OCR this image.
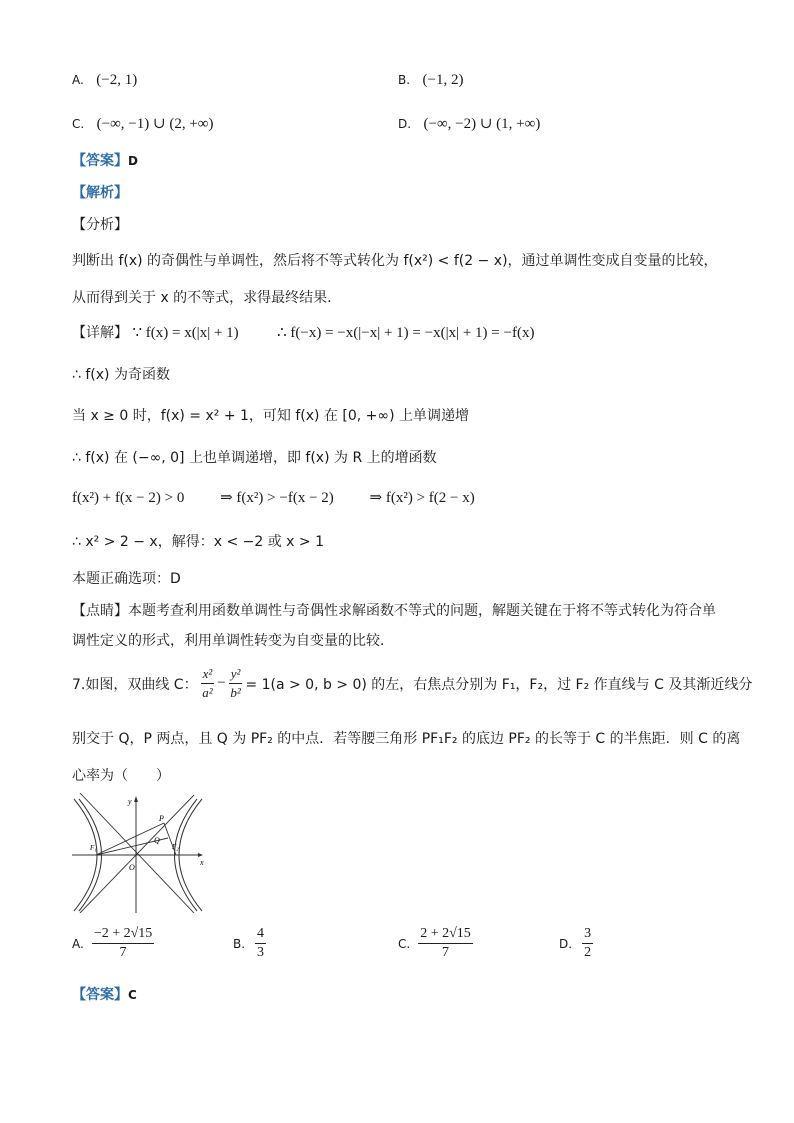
A. (−2, 1)	B. (−1, 2)
C. (−∞, −1) ∪ (2, +∞)	D. (−∞, −2) ∪ (1, +∞)
【答案】D
【解析】
【分析】
判断出 f(x) 的奇偶性与单调性，然后将不等式转化为 f(x²) < f(2 − x)，通过单调性变成自变量的比较，
从而得到关于 x 的不等式，求得最终结果.
【详解】 ∵ f(x) = x(|x| + 1)	∴ f(−x) = −x(|−x| + 1) = −x(|x| + 1) = −f(x)
∴ f(x) 为奇函数
当 x ≥ 0 时，f(x) = x² + 1，可知 f(x) 在 [0, +∞) 上单调递增
∴ f(x) 在 (−∞, 0] 上也单调递增，即 f(x) 为 R 上的增函数
f(x²) + f(x − 2) > 0 ⇒ f(x²) > −f(x − 2) ⇒ f(x²) > f(2 − x)
∴ x² > 2 − x，解得：x < −2 或 x > 1
本题正确选项：D
【点睛】本题考查利用函数单调性与奇偶性求解函数不等式的问题，解题关键在于将不等式转化为符合单
调性定义的形式，利用单调性转变为自变量的比较.
7.如图，双曲线 C： $\frac{\text{x²}}{\text{a²}} - \frac{\text{y²}}{\text{b²}} = 1(a > 0$, b > 0) 的左，右焦点分别为 F₁，F₂，过 F₂ 作直线与 C 及其渐近线分
别交于 Q，P 两点，且 Q 为 PF₂ 的中点．若等腰三角形 PF₁F₂ 的底边 PF₂ 的长等于 C 的半焦距．则 C 的离
心率为（　　）
y
x
P
Q
F₁	F₂
O
A. $\frac{-2 + 2√15}{7}$	B. $\frac{4}{3}$	C. $\frac{2 + 2√15}{7}$	D. $\frac{3}{2}$
【答案】C
